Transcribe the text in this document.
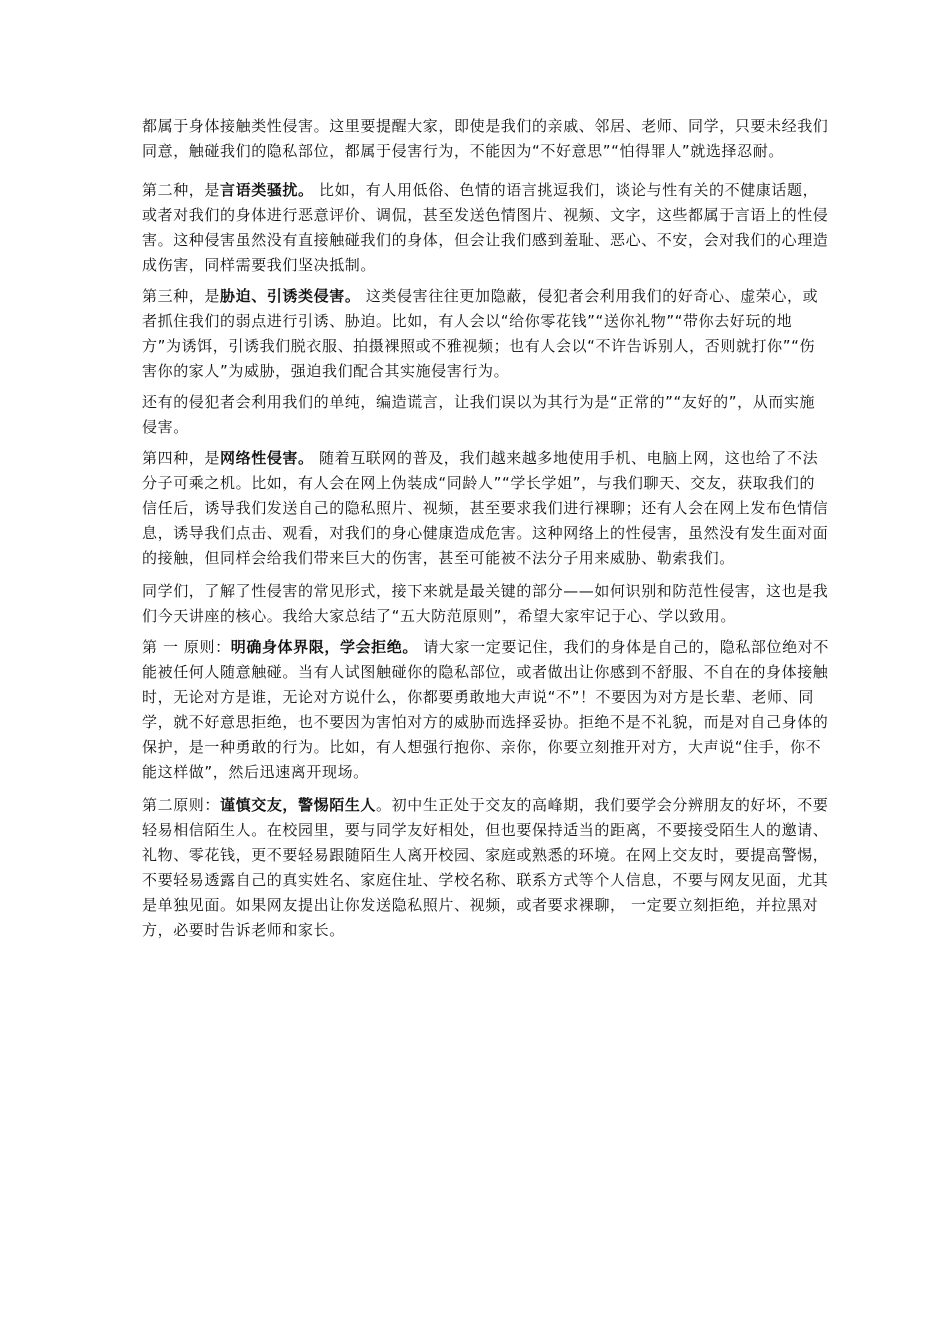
都属于身体接触类性侵害。这里要提醒大家，即使是我们的亲戚、邻居、老师、同学，只要未经我们同意，触碰我们的隐私部位，都属于侵害行为，不能因为“不好意思”“怕得罪人”就选择忍耐。

第二种，是言语类骚扰。 比如，有人用低俗、色情的语言挑逗我们，谈论与性有关的不健康话题，或者对我们的身体进行恶意评价、调侃，甚至发送色情图片、视频、文字，这些都属于言语上的性侵害。这种侵害虽然没有直接触碰我们的身体，但会让我们感到羞耻、恶心、不安，会对我们的心理造成伤害，同样需要我们坚决抵制。

第三种，是胁迫、引诱类侵害。 这类侵害往往更加隐蔽，侵犯者会利用我们的好奇心、虚荣心，或者抓住我们的弱点进行引诱、胁迫。比如，有人会以“给你零花钱”“送你礼物”“带你去好玩的地方”为诱饵，引诱我们脱衣服、拍摄裸照或不雅视频；也有人会以“不许告诉别人，否则就打你”“伤害你的家人”为威胁，强迫我们配合其实施侵害行为。

还有的侵犯者会利用我们的单纯，编造谎言，让我们误以为其行为是“正常的”“友好的”，从而实施侵害。

第四种，是网络性侵害。 随着互联网的普及，我们越来越多地使用手机、电脑上网，这也给了不法分子可乘之机。比如，有人会在网上伪装成“同龄人”“学长学姐”，与我们聊天、交友，获取我们的信任后，诱导我们发送自己的隐私照片、视频，甚至要求我们进行裸聊；还有人会在网上发布色情信息，诱导我们点击、观看，对我们的身心健康造成危害。这种网络上的性侵害，虽然没有发生面对面的接触，但同样会给我们带来巨大的伤害，甚至可能被不法分子用来威胁、勒索我们。

同学们，了解了性侵害的常见形式，接下来就是最关键的部分——如何识别和防范性侵害，这也是我们今天讲座的核心。我给大家总结了“五大防范原则”，希望大家牢记于心、学以致用。

第 一 原则：明确身体界限，学会拒绝。 请大家一定要记住，我们的身体是自己的，隐私部位绝对不能被任何人随意触碰。当有人试图触碰你的隐私部位，或者做出让你感到不舒服、不自在的身体接触时，无论对方是谁，无论对方说什么，你都要勇敢地大声说“不”！不要因为对方是长辈、老师、同学，就不好意思拒绝，也不要因为害怕对方的威胁而选择妥协。拒绝不是不礼貌，而是对自己身体的保护，是一种勇敢的行为。比如，有人想强行抱你、亲你，你要立刻推开对方，大声说“住手，你不能这样做”，然后迅速离开现场。

第二原则：谨慎交友，警惕陌生人。初中生正处于交友的高峰期，我们要学会分辨朋友的好坏，不要轻易相信陌生人。在校园里，要与同学友好相处，但也要保持适当的距离，不要接受陌生人的邀请、礼物、零花钱，更不要轻易跟随陌生人离开校园、家庭或熟悉的环境。在网上交友时，要提高警惕，不要轻易透露自己的真实姓名、家庭住址、学校名称、联系方式等个人信息，不要与网友见面，尤其是单独见面。如果网友提出让你发送隐私照片、视频，或者要求裸聊， 一定要立刻拒绝，并拉黑对方，必要时告诉老师和家长。
